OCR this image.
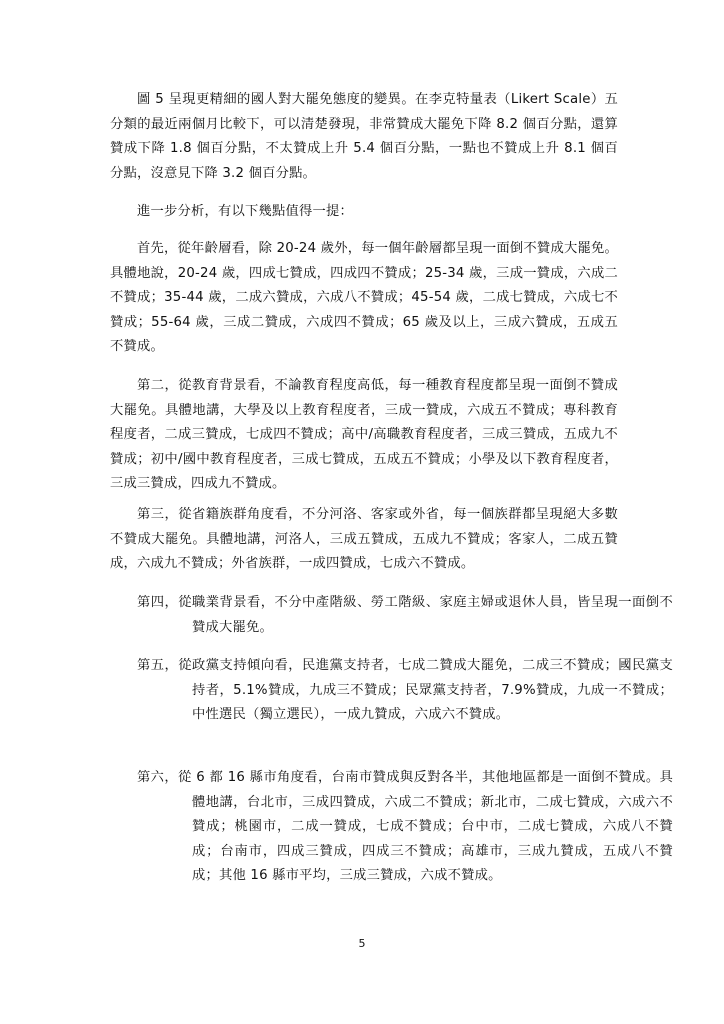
圖 5 呈現更精細的國人對大罷免態度的變異。在李克特量表（Likert Scale）五分類的最近兩個月比較下，可以清楚發現，非常贊成大罷免下降 8.2 個百分點，還算贊成下降 1.8 個百分點，不太贊成上升 5.4 個百分點，一點也不贊成上升 8.1 個百分點，沒意見下降 3.2 個百分點。

進一步分析，有以下幾點值得一提：

首先，從年齡層看，除 20-24 歲外，每一個年齡層都呈現一面倒不贊成大罷免。具體地說，20-24 歲，四成七贊成，四成四不贊成；25-34 歲，三成一贊成，六成二不贊成；35-44 歲，二成六贊成，六成八不贊成；45-54 歲，二成七贊成，六成七不贊成；55-64 歲，三成二贊成，六成四不贊成；65 歲及以上，三成六贊成，五成五不贊成。

第二，從教育背景看，不論教育程度高低，每一種教育程度都呈現一面倒不贊成大罷免。具體地講，大學及以上教育程度者，三成一贊成，六成五不贊成；專科教育程度者，二成三贊成，七成四不贊成；高中/高職教育程度者，三成三贊成，五成九不贊成；初中/國中教育程度者，三成七贊成，五成五不贊成；小學及以下教育程度者，三成三贊成，四成九不贊成。

第三，從省籍族群角度看，不分河洛、客家或外省，每一個族群都呈現絕大多數不贊成大罷免。具體地講，河洛人，三成五贊成，五成九不贊成；客家人，二成五贊成，六成九不贊成；外省族群，一成四贊成，七成六不贊成。

第四，從職業背景看，不分中產階級、勞工階級、家庭主婦或退休人員，皆呈現一面倒不贊成大罷免。

第五，從政黨支持傾向看，民進黨支持者，七成二贊成大罷免，二成三不贊成；國民黨支持者，5.1%贊成，九成三不贊成；民眾黨支持者，7.9%贊成，九成一不贊成；中性選民（獨立選民），一成九贊成，六成六不贊成。

第六，從 6 都 16 縣市角度看，台南市贊成與反對各半，其他地區都是一面倒不贊成。具體地講，台北市，三成四贊成，六成二不贊成；新北市，二成七贊成，六成六不贊成；桃園市，二成一贊成，七成不贊成；台中市，二成七贊成，六成八不贊成；台南市，四成三贊成，四成三不贊成；高雄市，三成九贊成，五成八不贊成；其他 16 縣市平均，三成三贊成，六成不贊成。

5
